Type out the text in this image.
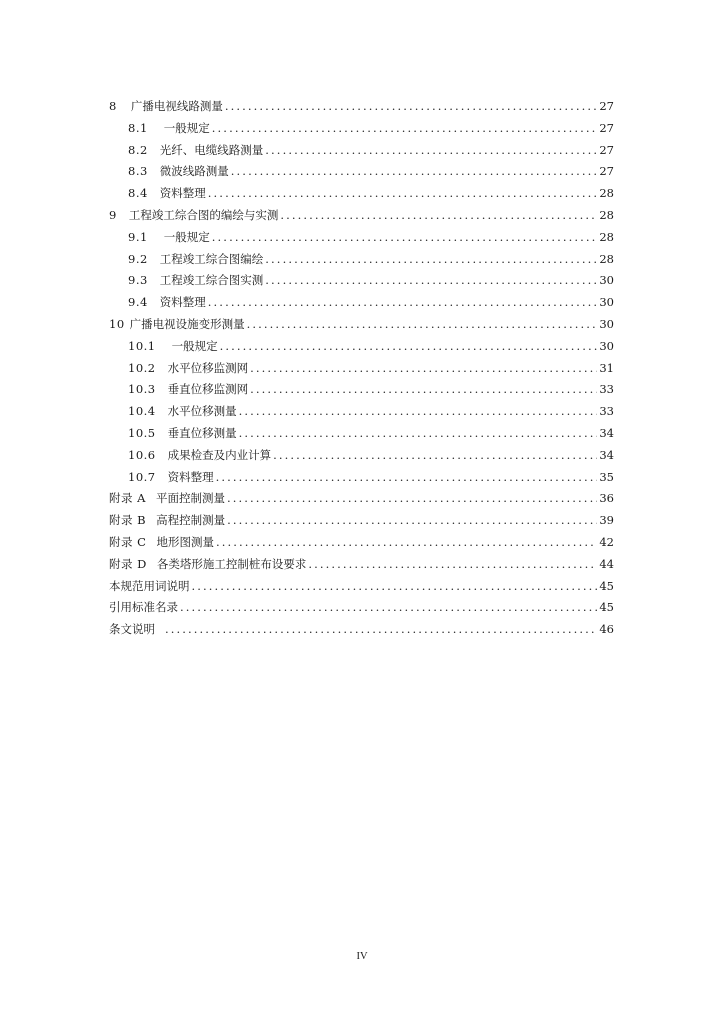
8 广播电视线路测量 .....	27
8.1 一般规定 .....	27
8.2 光纤、电缆线路测量 .....	27
8.3 微波线路测量 .....	27
8.4 资料整理 .....	28
9 工程竣工综合图的编绘与实测 .....	28
9.1 一般规定 .....	28
9.2 工程竣工综合图编绘 .....	28
9.3 工程竣工综合图实测 .....	30
9.4 资料整理 .....	30
10 广播电视设施变形测量 .....	30
10.1 一般规定 .....	30
10.2 水平位移监测网 .....	31
10.3 垂直位移监测网 .....	33
10.4 水平位移测量 .....	33
10.5 垂直位移测量 .....	34
10.6 成果检查及内业计算 .....	34
10.7 资料整理 .....	35
附录 A 平面控制测量 .....	36
附录 B 高程控制测量 .....	39
附录 C 地形图测量 .....	42
附录 D 各类塔形施工控制桩布设要求 .....	44
本规范用词说明 .....	45
引用标准名录 .....	45
条文说明 .....	46
IV
